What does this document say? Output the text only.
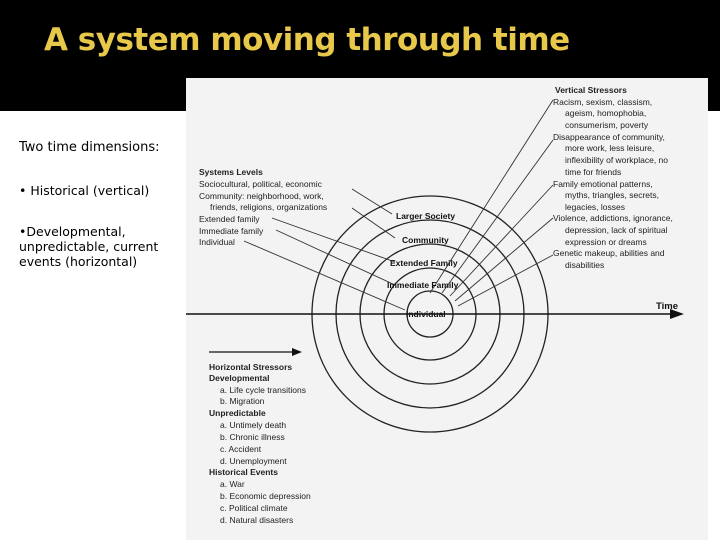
A system moving through time
Two time dimensions:
• Historical (vertical)
•Developmental,
unpredictable, current
events (horizontal)
Larger Society
Community
Extended Family
Immediate Family
Individual
Time
Vertical Stressors
Racism, sexism, classism,
ageism, homophobia,
consumerism, poverty
Disappearance of community,
more work, less leisure,
inflexibility of workplace, no
time for friends
Family emotional patterns,
myths, triangles, secrets,
legacies, losses
Violence, addictions, ignorance,
depression, lack of spiritual
expression or dreams
Genetic makeup, abilities and
disabilities
Systems Levels
Sociocultural, political, economic
Community: neighborhood, work,
friends, religions, organizations
Extended family
Immediate family
Individual
Horizontal Stressors
Developmental
a. Life cycle transitions
b. Migration
Unpredictable
a. Untimely death
b. Chronic illness
c. Accident
d. Unemployment
Historical Events
a. War
b. Economic depression
c. Political climate
d. Natural disasters
